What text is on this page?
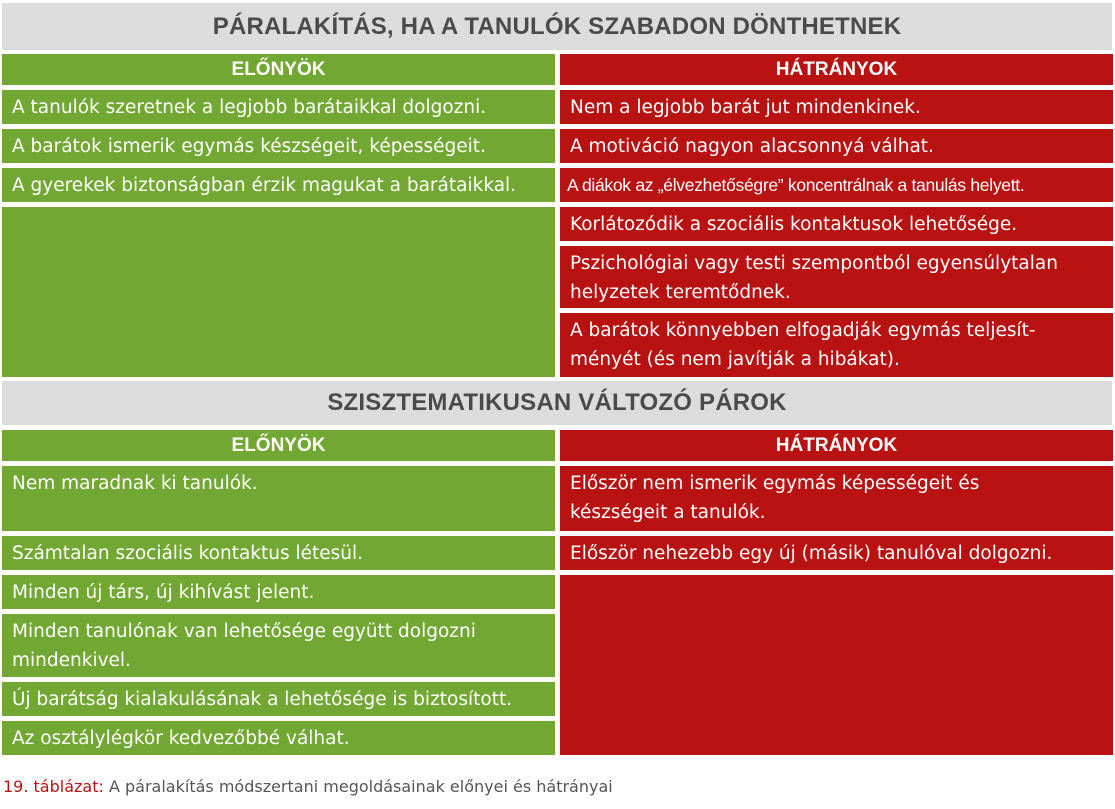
PÁRALAKÍTÁS, HA A TANULÓK SZABADON DÖNTHETNEK
ELŐNYÖK	HÁTRÁNYOK
A tanulók szeretnek a legjobb barátaikkal dolgozni.
A barátok ismerik egymás készségeit, képességeit.
A gyerekek biztonságban érzik magukat a barátaikkal.
Nem a legjobb barát jut mindenkinek.
A motiváció nagyon alacsonnyá válhat.
A diákok az „élvezhetőségre” koncentrálnak a tanulás helyett.
Korlátozódik a szociális kontaktusok lehetősége.
Pszichológiai vagy testi szempontból egyensúlytalan
helyzetek teremtődnek.
A barátok könnyebben elfogadják egymás teljesít-
ményét (és nem javítják a hibákat).
SZISZTEMATIKUSAN VÁLTOZÓ PÁROK
ELŐNYÖK	HÁTRÁNYOK
Nem maradnak ki tanulók.
Számtalan szociális kontaktus létesül.
Minden új társ, új kihívást jelent.
Minden tanulónak van lehetősége együtt dolgozni
mindenkivel.
Új barátság kialakulásának a lehetősége is biztosított.
Az osztálylégkör kedvezőbbé válhat.
Először nem ismerik egymás képességeit és
készségeit a tanulók.
Először nehezebb egy új (másik) tanulóval dolgozni.
19. táblázat: A páralakítás módszertani megoldásainak előnyei és hátrányai
